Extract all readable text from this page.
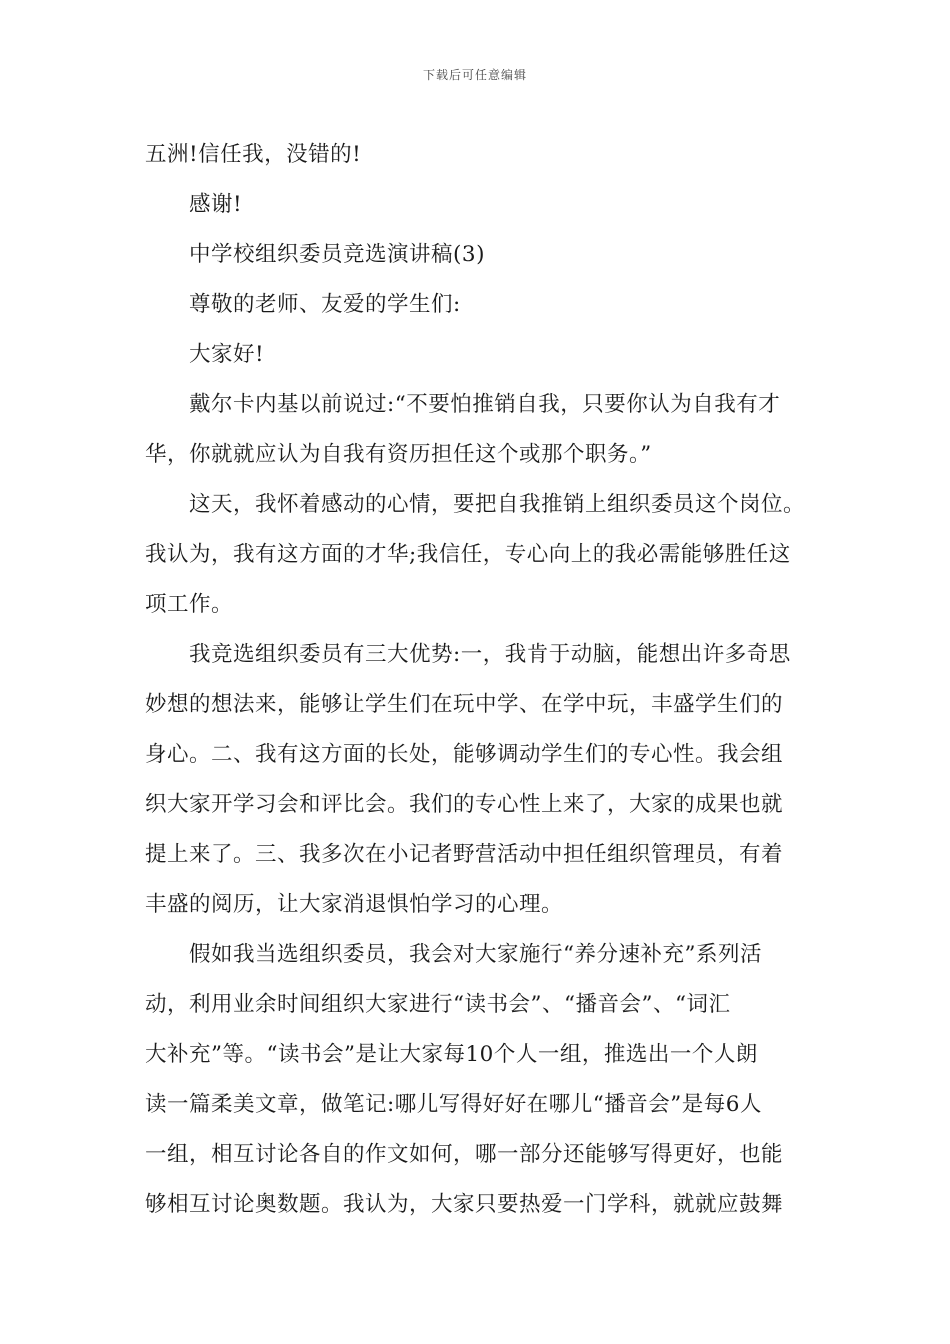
下载后可任意编辑
五洲!信任我，没错的!
感谢!
中学校组织委员竞选演讲稿(3)
尊敬的老师、友爱的学生们:
大家好!
戴尔卡内基以前说过:“不要怕推销自我，只要你认为自我有才
华，你就就应认为自我有资历担任这个或那个职务。”
这天，我怀着感动的心情，要把自我推销上组织委员这个岗位。
我认为，我有这方面的才华;我信任，专心向上的我必需能够胜任这
项工作。
我竞选组织委员有三大优势:一，我肯于动脑，能想出许多奇思
妙想的想法来，能够让学生们在玩中学、在学中玩，丰盛学生们的
身心。二、我有这方面的长处，能够调动学生们的专心性。我会组
织大家开学习会和评比会。我们的专心性上来了，大家的成果也就
提上来了。三、我多次在小记者野营活动中担任组织管理员，有着
丰盛的阅历，让大家消退惧怕学习的心理。
假如我当选组织委员，我会对大家施行“养分速补充”系列活
动，利用业余时间组织大家进行“读书会”、“播音会”、“词汇
大补充”等。“读书会”是让大家每10个人一组，推选出一个人朗
读一篇柔美文章，做笔记:哪儿写得好好在哪儿“播音会”是每6人
一组，相互讨论各自的作文如何，哪一部分还能够写得更好，也能
够相互讨论奥数题。我认为，大家只要热爱一门学科，就就应鼓舞
